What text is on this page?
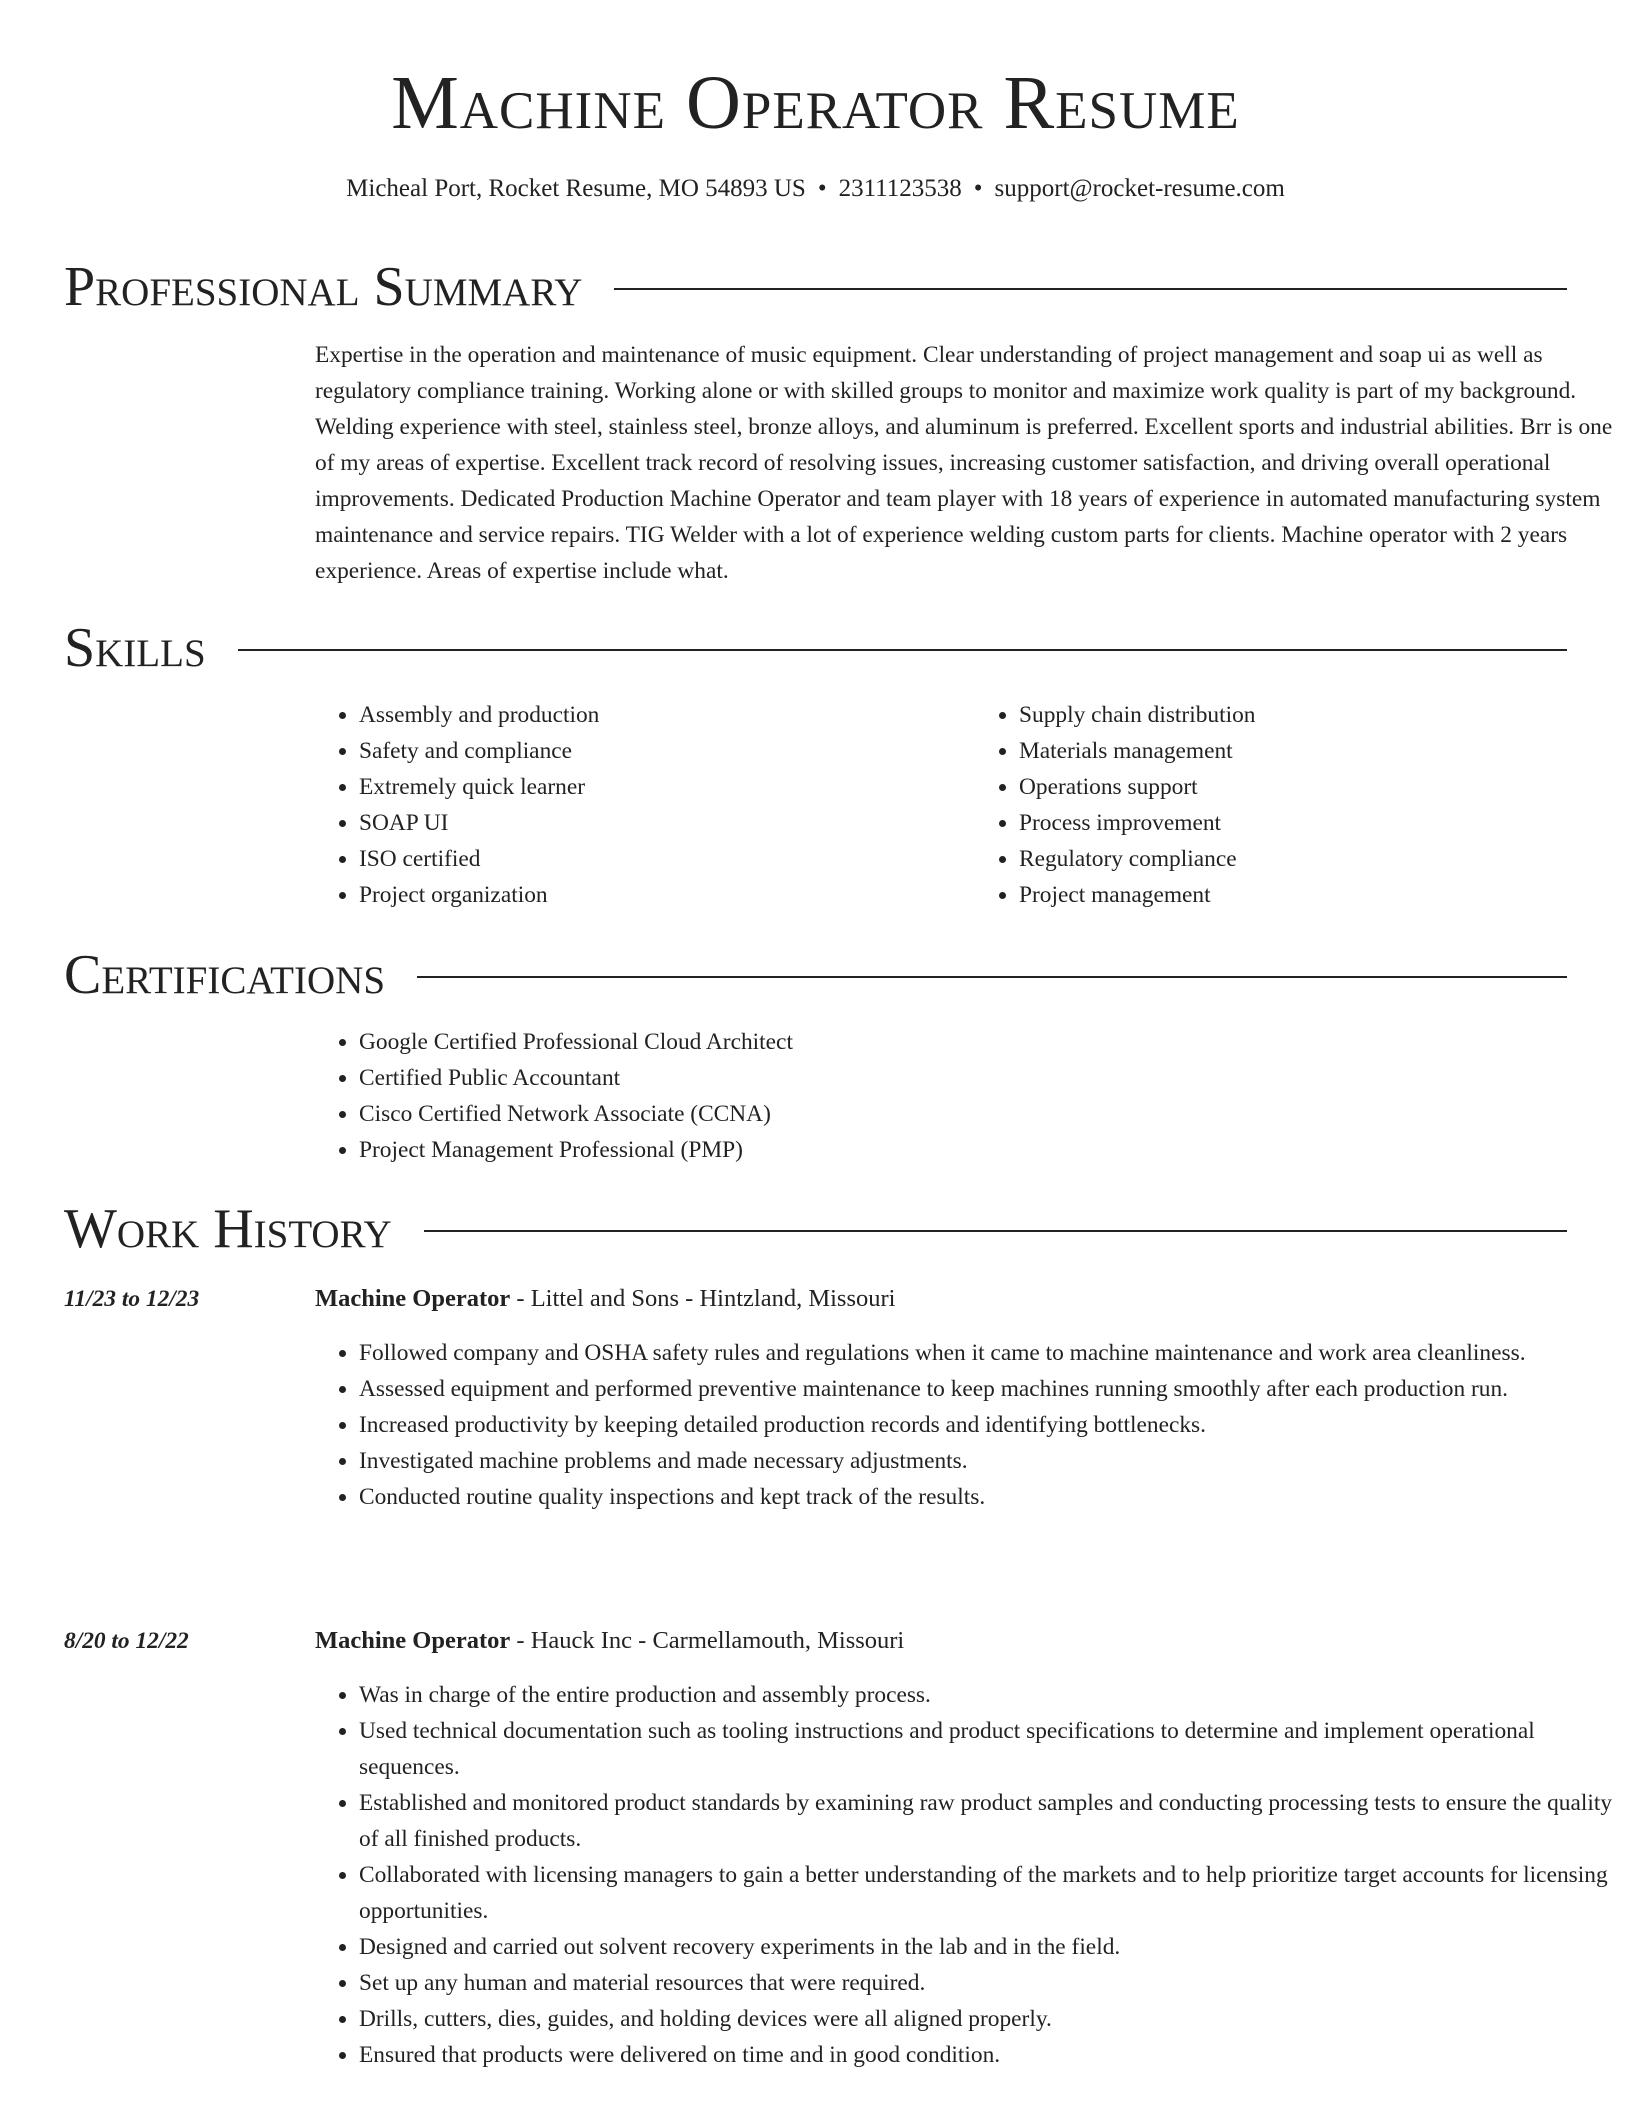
Machine Operator Resume
Micheal Port, Rocket Resume, MO 54893 US • 2311123538 • support@rocket-resume.com
Professional Summary

Expertise in the operation and maintenance of music equipment. Clear understanding of project management and soap ui as well as regulatory compliance training. Working alone or with skilled groups to monitor and maximize work quality is part of my background. Welding experience with steel, stainless steel, bronze alloys, and aluminum is preferred. Excellent sports and industrial abilities. Brr is one of my areas of expertise. Excellent track record of resolving issues, increasing customer satisfaction, and driving overall operational improvements. Dedicated Production Machine Operator and team player with 18 years of experience in automated manufacturing system maintenance and service repairs. TIG Welder with a lot of experience welding custom parts for clients. Machine operator with 2 years experience. Areas of expertise include what.

Skills
• Assembly and production
• Safety and compliance
• Extremely quick learner
• SOAP UI
• ISO certified
• Project organization
• Supply chain distribution
• Materials management
• Operations support
• Process improvement
• Regulatory compliance
• Project management
Certifications
• Google Certified Professional Cloud Architect
• Certified Public Accountant
• Cisco Certified Network Associate (CCNA)
• Project Management Professional (PMP)
Work History
11/23 to 12/23	Machine Operator - Littel and Sons - Hintzland, Missouri
• Followed company and OSHA safety rules and regulations when it came to machine maintenance and work area cleanliness.
• Assessed equipment and performed preventive maintenance to keep machines running smoothly after each production run.
• Increased productivity by keeping detailed production records and identifying bottlenecks.
• Investigated machine problems and made necessary adjustments.
• Conducted routine quality inspections and kept track of the results.
8/20 to 12/22	Machine Operator - Hauck Inc - Carmellamouth, Missouri
• Was in charge of the entire production and assembly process.
• Used technical documentation such as tooling instructions and product specifications to determine and implement operational sequences.
• Established and monitored product standards by examining raw product samples and conducting processing tests to ensure the quality of all finished products.
• Collaborated with licensing managers to gain a better understanding of the markets and to help prioritize target accounts for licensing opportunities.
• Designed and carried out solvent recovery experiments in the lab and in the field.
• Set up any human and material resources that were required.
• Drills, cutters, dies, guides, and holding devices were all aligned properly.
• Ensured that products were delivered on time and in good condition.
